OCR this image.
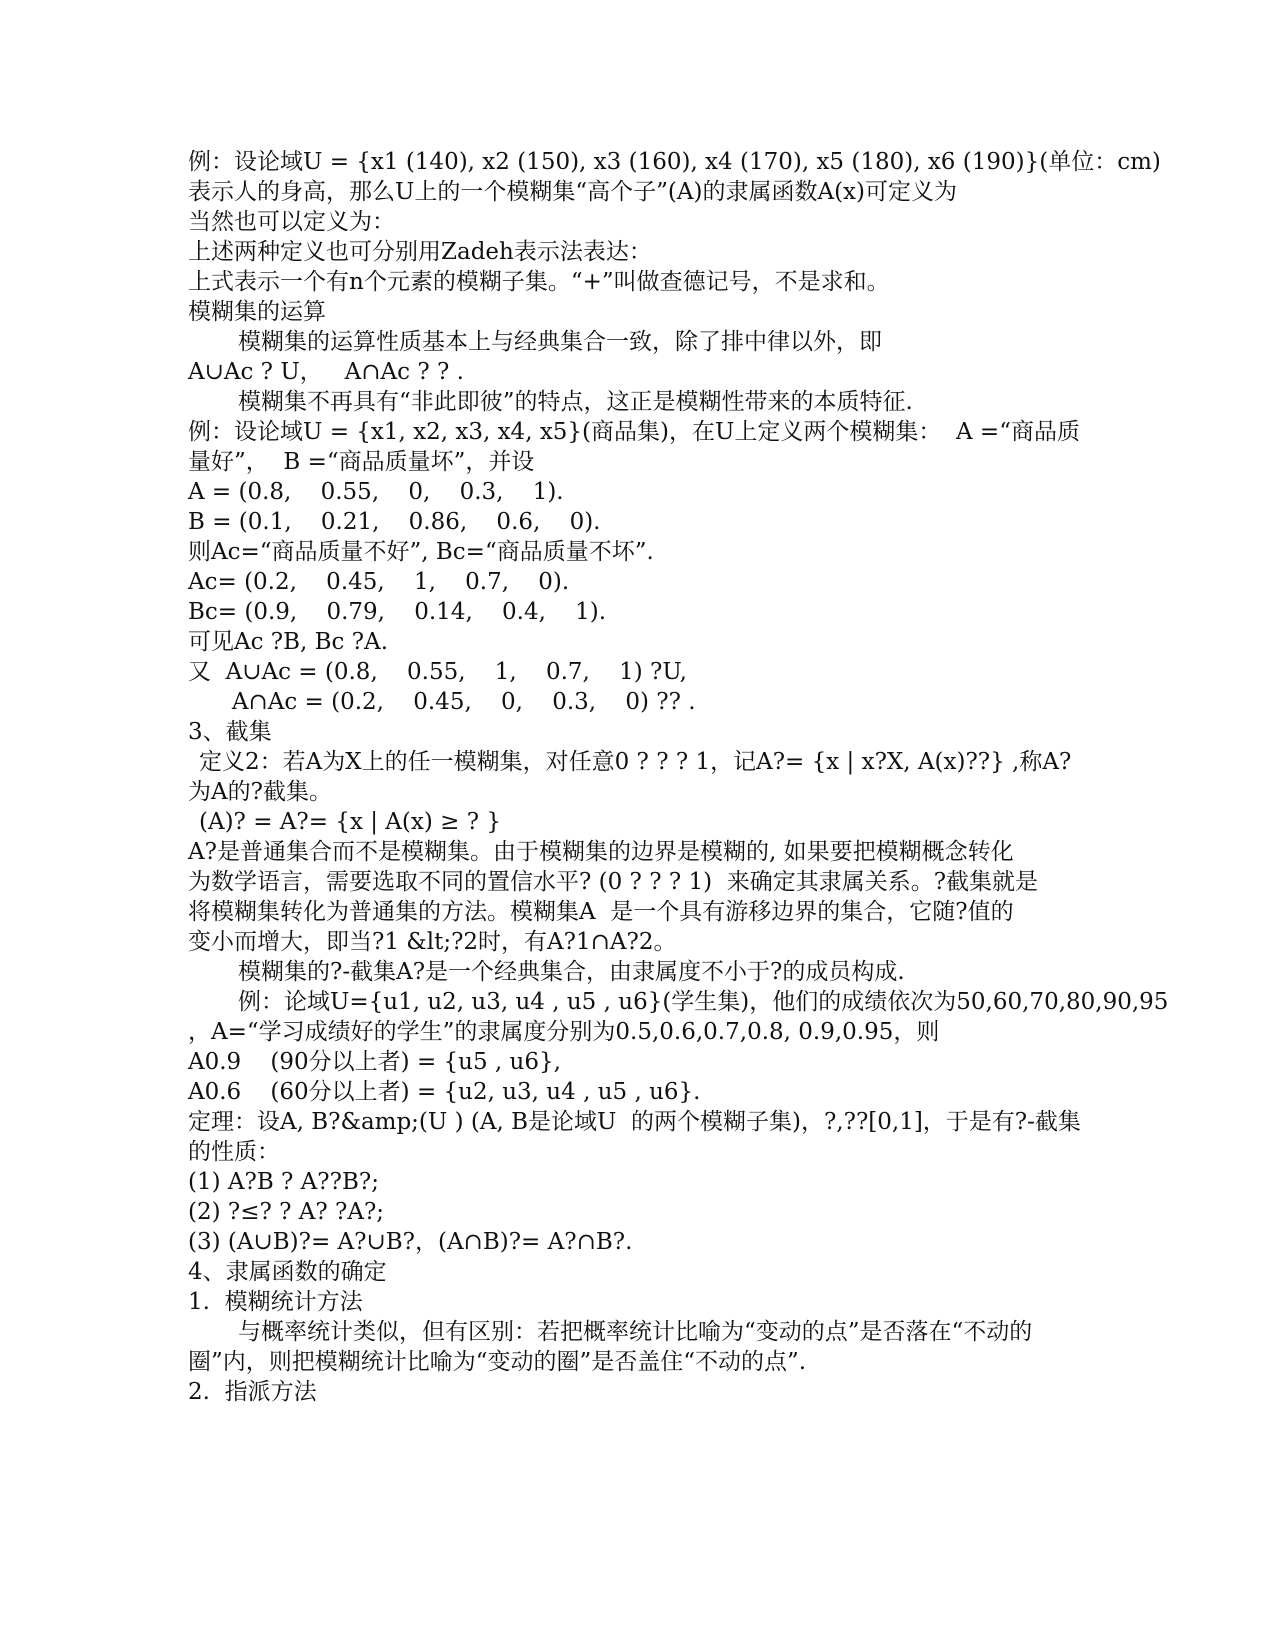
例：设论域U = {x1 (140), x2 (150), x3 (160), x4 (170), x5 (180), x6 (190)}(单位：cm)
表示人的身高，那么U上的一个模糊集“高个子”(A)的隶属函数A(x)可定义为
当然也可以定义为：
上述两种定义也可分别用Zadeh表示法表达：
上式表示一个有n个元素的模糊子集。“+”叫做查德记号，不是求和。
模糊集的运算
模糊集的运算性质基本上与经典集合一致，除了排中律以外，即
A∪Ac ? U，   A∩Ac ? ? .
模糊集不再具有“非此即彼”的特点，这正是模糊性带来的本质特征.
例：设论域U = {x1, x2, x3, x4, x5}(商品集)，在U上定义两个模糊集：  A =“商品质
量好”，  B =“商品质量坏”，并设
A = (0.8,    0.55,    0,    0.3,    1).
B = (0.1,    0.21,    0.86,    0.6,    0).
则Ac=“商品质量不好”, Bc=“商品质量不坏”.
Ac= (0.2,    0.45,    1,    0.7,    0).
Bc= (0.9,    0.79,    0.14,    0.4,    1).
可见Ac ?B, Bc ?A.
又  A∪Ac = (0.8,    0.55,    1,    0.7,    1) ?U,
A∩Ac = (0.2,    0.45,    0,    0.3,    0) ?? .
3、截集
定义2：若A为X上的任一模糊集，对任意0 ? ? ? 1，记A?= {x | x?X, A(x)??} ,称A?
为A的?截集。
(A)? = A?= {x | A(x) ≥ ? }
A?是普通集合而不是模糊集。由于模糊集的边界是模糊的, 如果要把模糊概念转化
为数学语言，需要选取不同的置信水平? (0 ? ? ? 1)  来确定其隶属关系。?截集就是
将模糊集转化为普通集的方法。模糊集A  是一个具有游移边界的集合，它随?值的
变小而增大，即当?1 &lt;?2时，有A?1∩A?2。
模糊集的?-截集A?是一个经典集合，由隶属度不小于?的成员构成.
例：论域U={u1, u2, u3, u4 , u5 , u6}(学生集)，他们的成绩依次为50,60,70,80,90,95
，A=“学习成绩好的学生”的隶属度分别为0.5,0.6,0.7,0.8, 0.9,0.95，则
A0.9    (90分以上者) = {u5 , u6},
A0.6    (60分以上者) = {u2, u3, u4 , u5 , u6}.
定理：设A, B?&amp;(U ) (A, B是论域U  的两个模糊子集)，?,??[0,1]，于是有?-截集
的性质：
(1) A?B ? A??B?;
(2) ?≤? ? A? ?A?;
(3) (A∪B)?= A?∪B?，(A∩B)?= A?∩B?.
4、隶属函数的确定
1.  模糊统计方法
与概率统计类似，但有区别：若把概率统计比喻为“变动的点”是否落在“不动的
圈”内，则把模糊统计比喻为“变动的圈”是否盖住“不动的点”.
2.  指派方法
